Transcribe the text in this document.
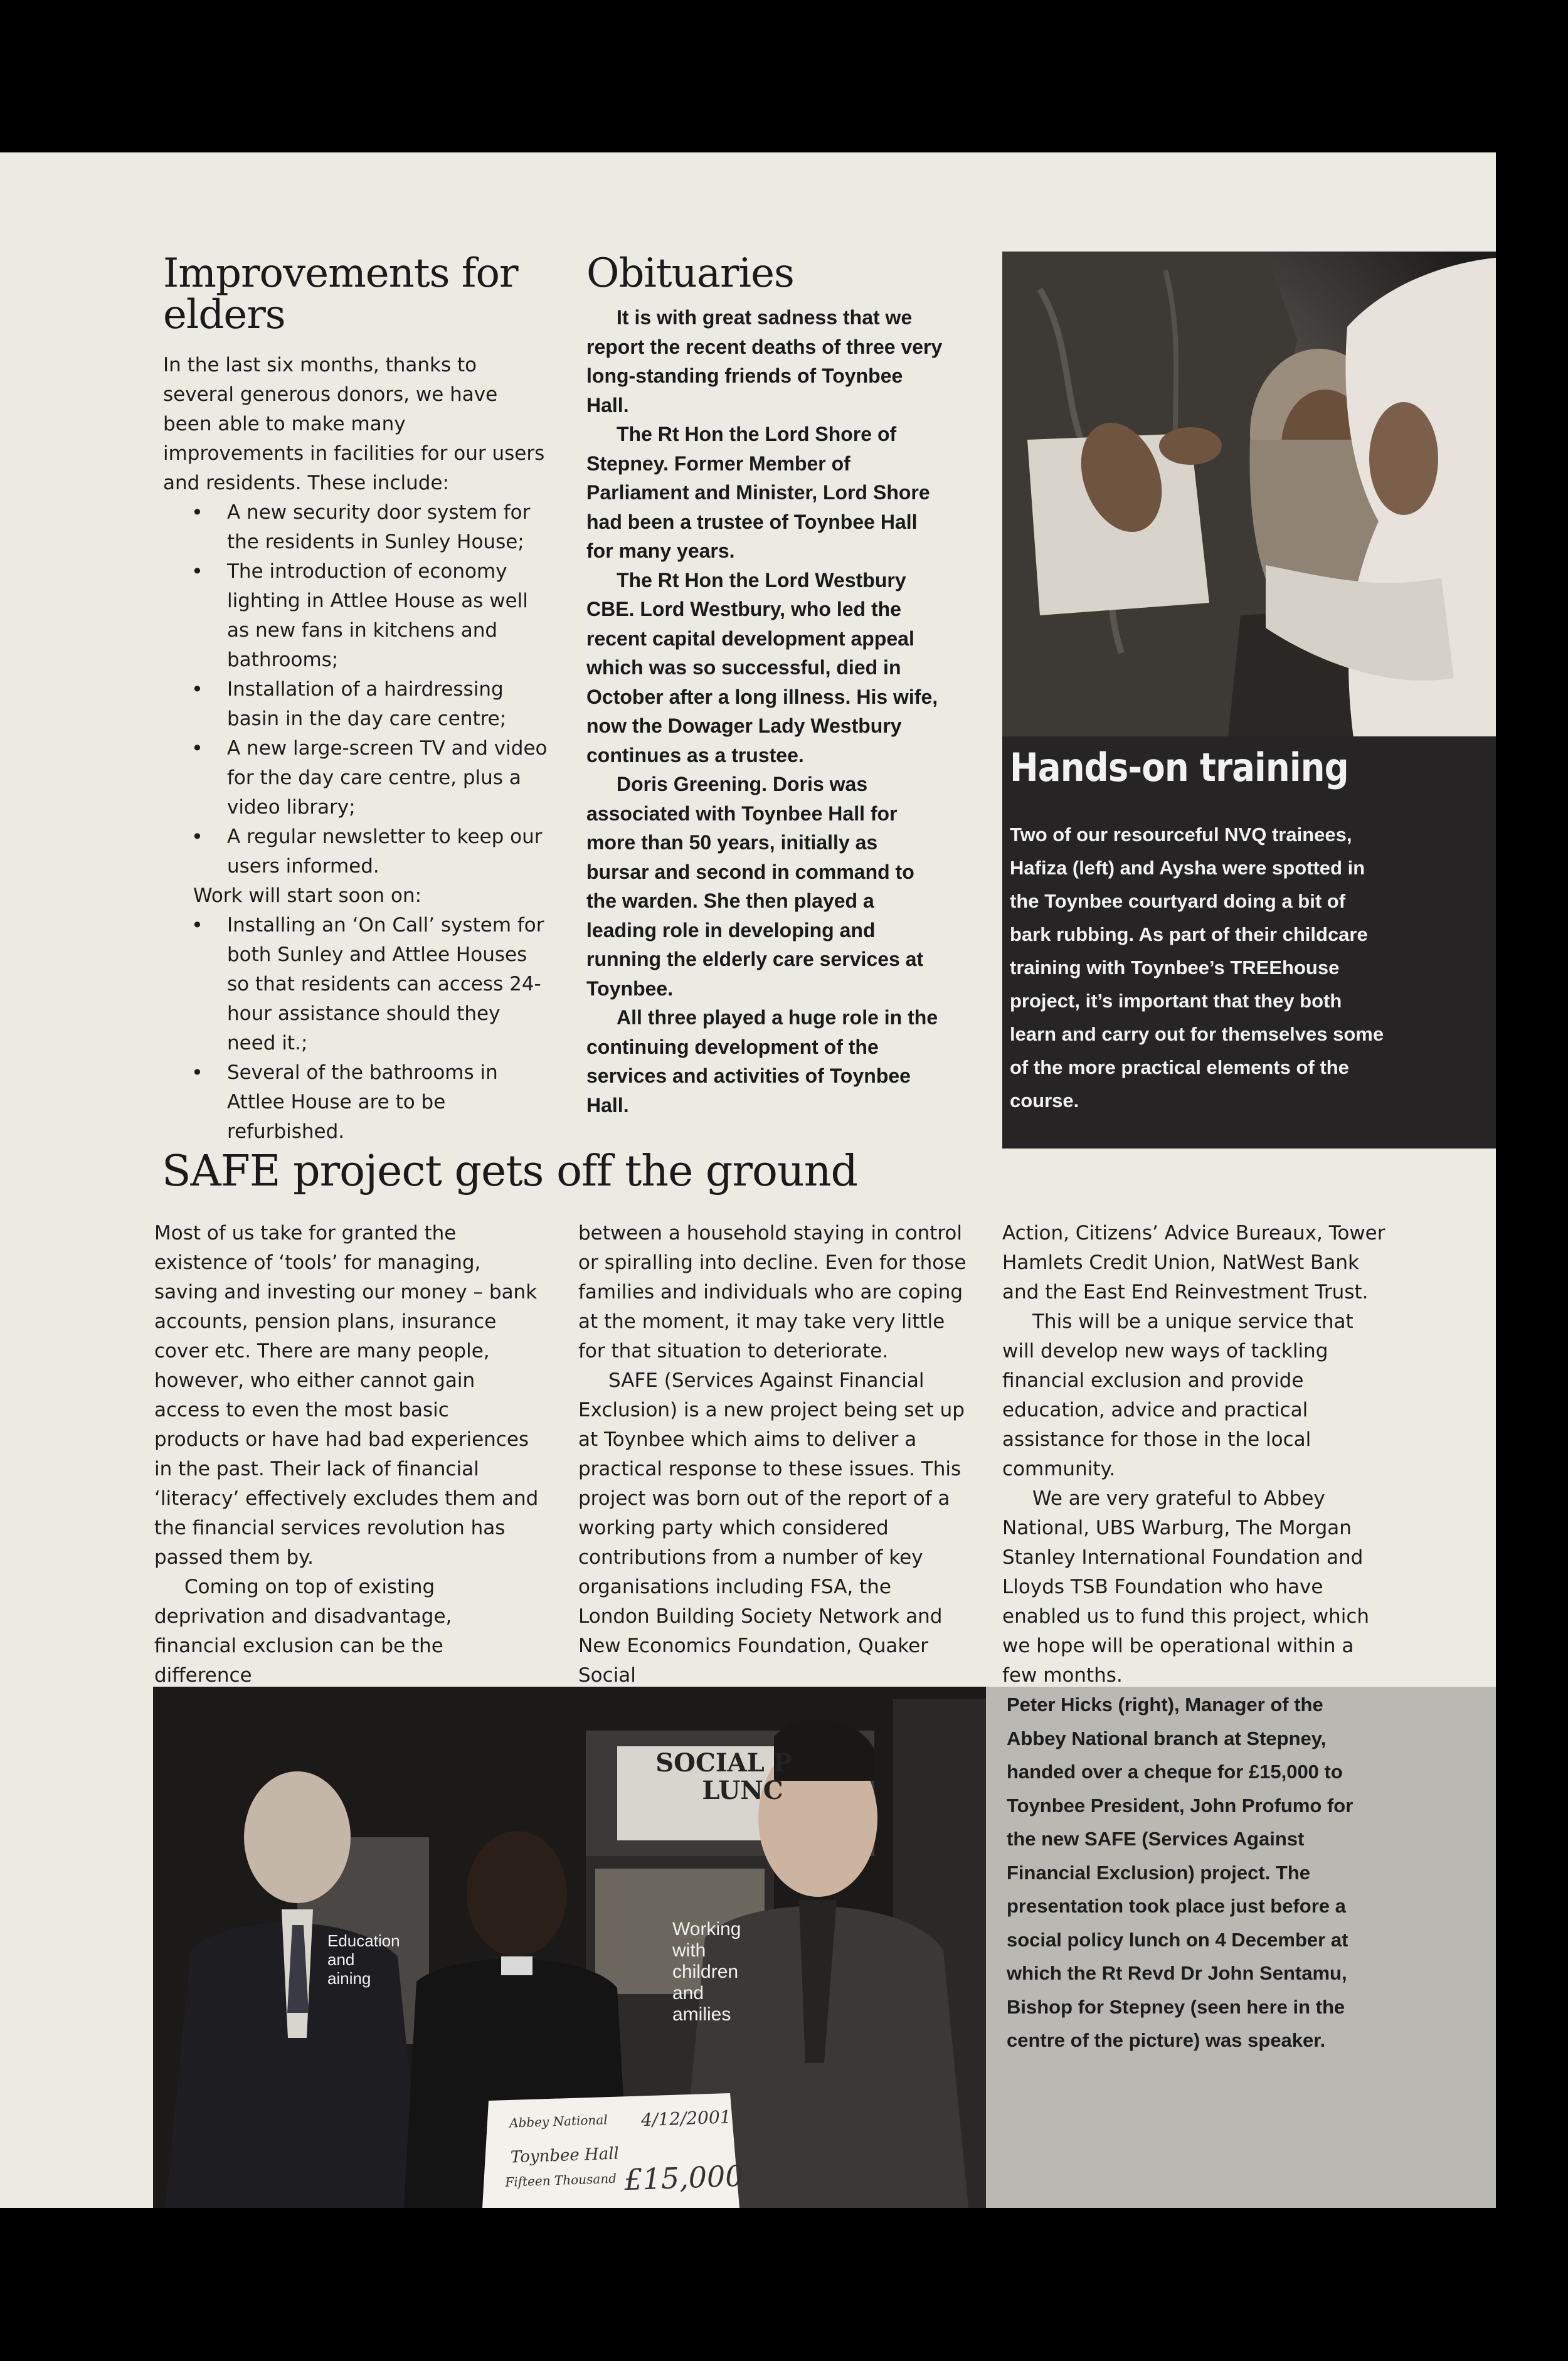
Improvements for elders

In the last six months, thanks to several generous donors, we have been able to make many improvements in facilities for our users and residents. These include:

• A new security door system for the residents in Sunley House;
• The introduction of economy lighting in Attlee House as well as new fans in kitchens and bathrooms;
• Installation of a hairdressing basin in the day care centre;
• A new large-screen TV and video for the day care centre, plus a video library;
• A regular newsletter to keep our users informed.

Work will start soon on:

• Installing an ‘On Call’ system for both Sunley and Attlee Houses so that residents can access 24-hour assistance should they need it.;
• Several of the bathrooms in Attlee House are to be refurbished.
Obituaries

It is with great sadness that we report the recent deaths of three very long-standing friends of Toynbee Hall.

The Rt Hon the Lord Shore of Stepney. Former Member of Parliament and Minister, Lord Shore had been a trustee of Toynbee Hall for many years.

The Rt Hon the Lord Westbury CBE. Lord Westbury, who led the recent capital development appeal which was so successful, died in October after a long illness. His wife, now the Dowager Lady Westbury continues as a trustee.

Doris Greening. Doris was associated with Toynbee Hall for more than 50 years, initially as bursar and second in command to the warden. She then played a leading role in developing and running the elderly care services at Toynbee.

All three played a huge role in the continuing development of the services and activities of Toynbee Hall.

Hands-on training

Two of our resourceful NVQ trainees, Hafiza (left) and Aysha were spotted in the Toynbee courtyard doing a bit of bark rubbing. As part of their childcare training with Toynbee’s TREEhouse project, it’s important that they both learn and carry out for themselves some of the more practical elements of the course.

SAFE project gets off the ground

Most of us take for granted the existence of ‘tools’ for managing, saving and investing our money – bank accounts, pension plans, insurance cover etc. There are many people, however, who either cannot gain access to even the most basic products or have had bad experiences in the past. Their lack of financial ‘literacy’ effectively excludes them and the financial services revolution has passed them by.

Coming on top of existing deprivation and disadvantage, financial exclusion can be the difference

between a household staying in control or spiralling into decline. Even for those families and individuals who are coping at the moment, it may take very little for that situation to deteriorate.

SAFE (Services Against Financial Exclusion) is a new project being set up at Toynbee which aims to deliver a practical response to these issues. This project was born out of the report of a working party which considered contributions from a number of key organisations including FSA, the London Building Society Network and New Economics Foundation, Quaker Social

Action, Citizens’ Advice Bureaux, Tower Hamlets Credit Union, NatWest Bank and the East End Reinvestment Trust.

This will be a unique service that will develop new ways of tackling financial exclusion and provide education, advice and practical assistance for those in the local community.

We are very grateful to Abbey National, UBS Warburg, The Morgan Stanley International Foundation and Lloyds TSB Foundation who have enabled us to fund this project, which we hope will be operational within a few months.

SOCIAL P
LUNC
Education and
aining
Working with children and amilies
Abbey National 4/12/2001
Toynbee Hall
Fifteen Thousand £15,000

Peter Hicks (right), Manager of the Abbey National branch at Stepney, handed over a cheque for £15,000 to Toynbee President, John Profumo for the new SAFE (Services Against Financial Exclusion) project. The presentation took place just before a social policy lunch on 4 December at which the Rt Revd Dr John Sentamu, Bishop for Stepney (seen here in the centre of the picture) was speaker.
